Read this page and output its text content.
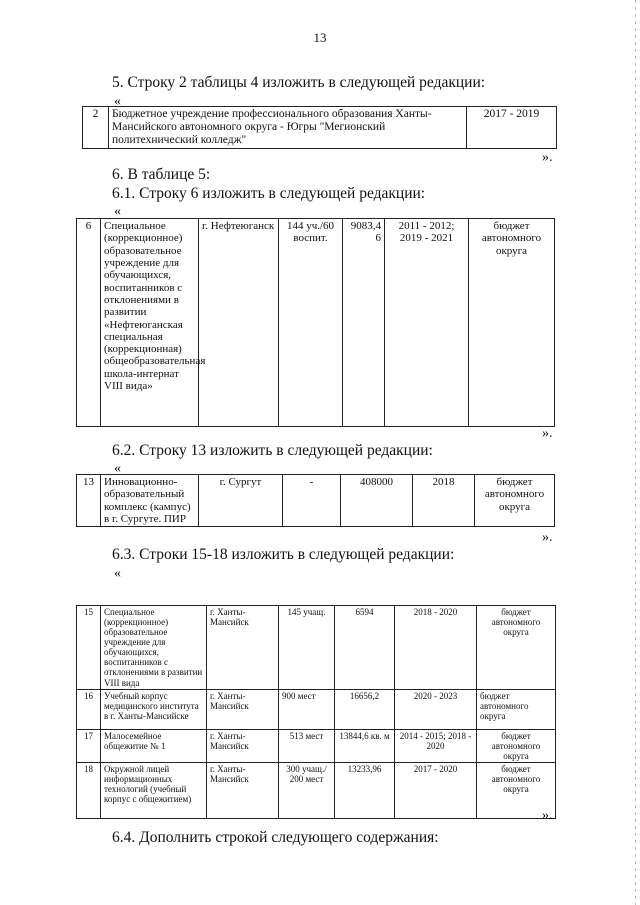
13
5. Строку 2 таблицы 4 изложить в следующей редакции:
«
2	Бюджетное учреждение профессионального образования Ханты-Мансийского автономного округа - Югры "Мегионский политехнический колледж"	2017 - 2019
».
6. В таблице 5:
6.1. Строку 6 изложить в следующей редакции:
«
6	Специальное (коррекционное) образовательное учреждение для обучающихся, воспитанников с отклонениями в развитии «Нефтеюганская специальная (коррекционная) общеобразовательная школа-интернат VIII вида»	г. Нефтеюганск	144 уч./60 воспит.	9083,4 6	2011 - 2012; 2019 - 2021	бюджет автономного округа
».
6.2. Строку 13 изложить в следующей редакции:
«
13	Инновационно-образовательный комплекс (кампус) в г. Сургуте. ПИР	г. Сургут	-	408000	2018	бюджет автономного округа
».
6.3. Строки 15-18 изложить в следующей редакции:
«
15	Специальное (коррекционное) образовательное учреждение для обучающихся, воспитанников с отклонениями в развитии VIII вида	г. Ханты-Мансийск	145 учащ.	6594	2018 - 2020	бюджет автономного округа
16	Учебный корпус медицинского института в г. Ханты-Мансийске	г. Ханты-Мансийск	900 мест	16656,2	2020 - 2023	бюджет автономного округа
17	Малосемейное общежитие № 1	г. Ханты-Мансийск	513 мест	13844,6 кв. м	2014 - 2015; 2018 - 2020	бюджет автономного округа
18	Окружной лицей информационных технологий (учебный корпус с общежитием)	г. Ханты-Мансийск	300 учащ./ 200 мест	13233,96	2017 - 2020	бюджет автономного округа
».
6.4. Дополнить строкой следующего содержания:
